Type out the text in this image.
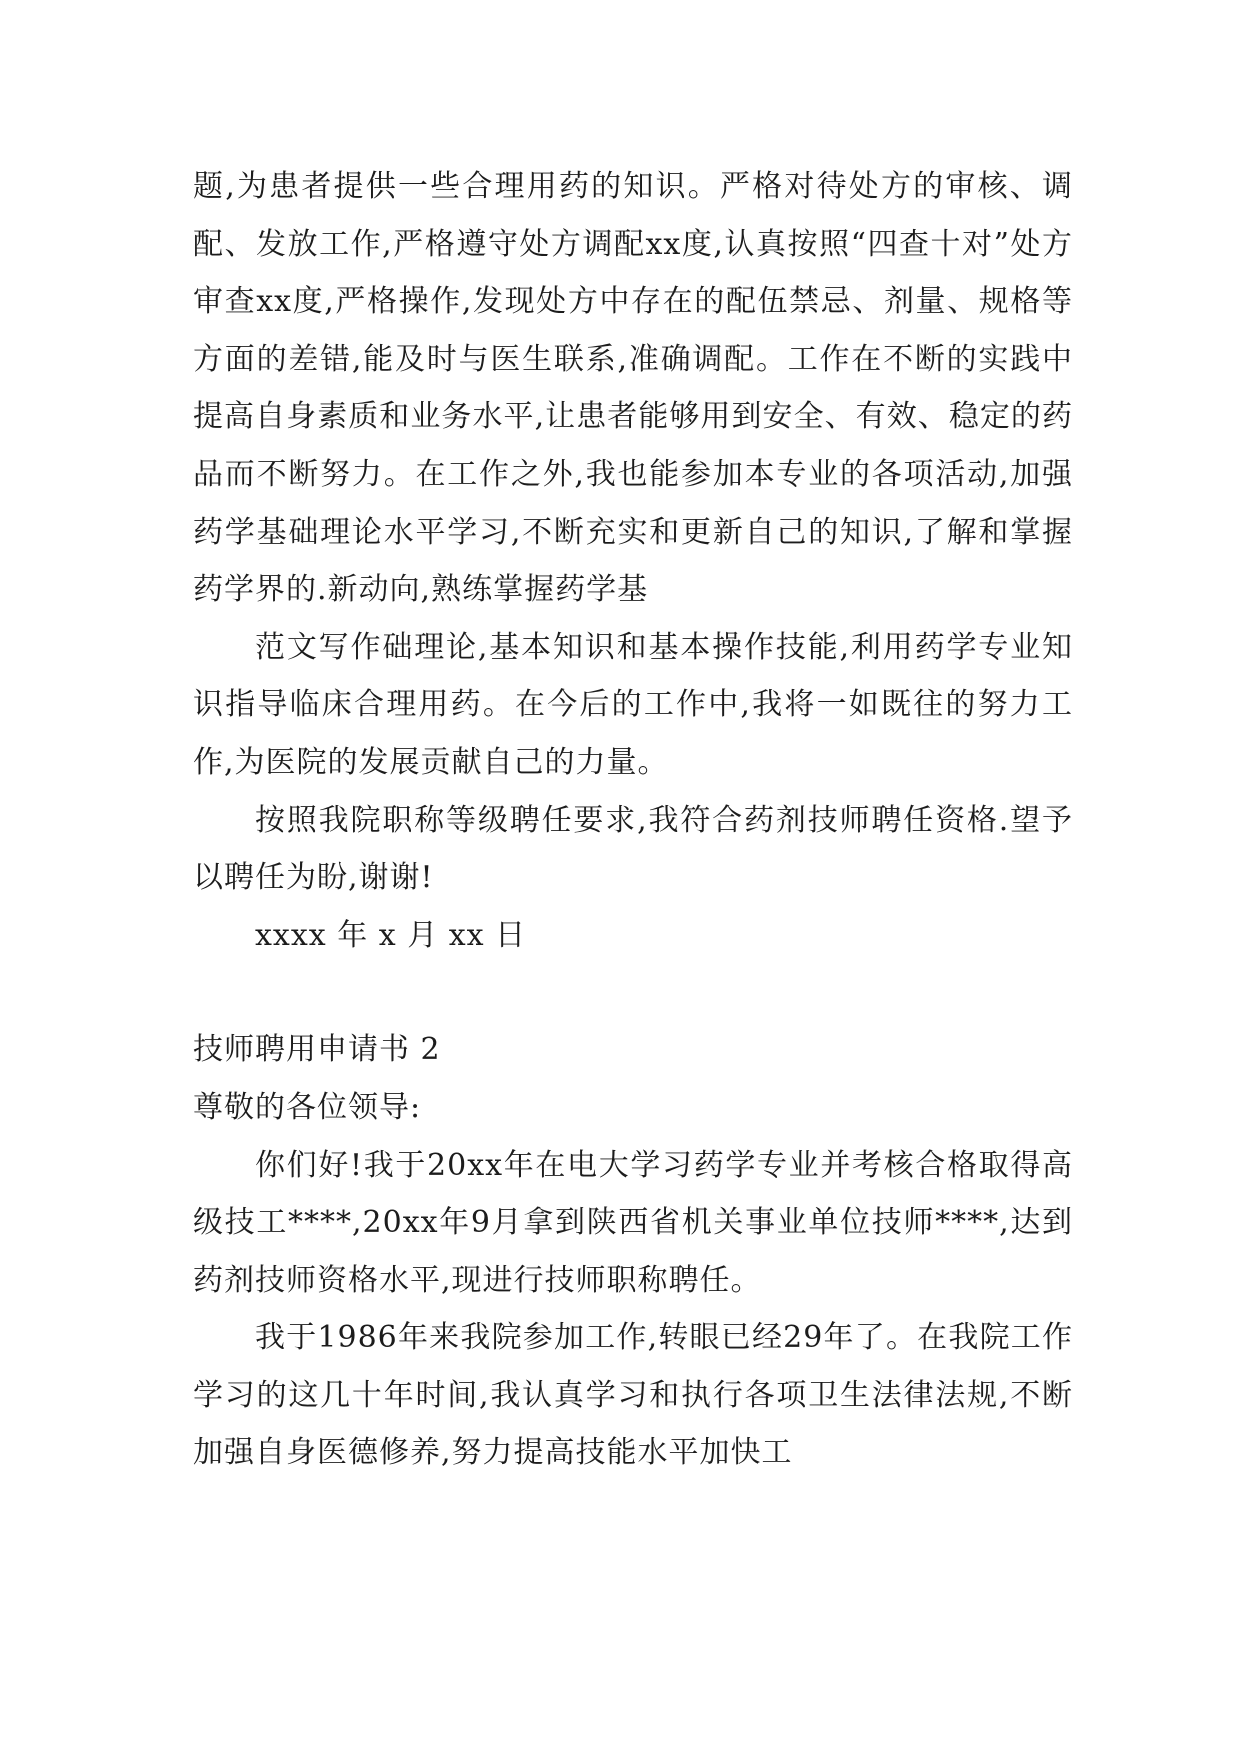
题,为患者提供一些合理用药的知识。严格对待处方的审核、调配、发放工作,严格遵守处方调配xx度,认真按照“四查十对”处方审查xx度,严格操作,发现处方中存在的配伍禁忌、剂量、规格等方面的差错,能及时与医生联系,准确调配。工作在不断的实践中提高自身素质和业务水平,让患者能够用到安全、有效、稳定的药品而不断努力。在工作之外,我也能参加本专业的各项活动,加强药学基础理论水平学习,不断充实和更新自己的知识,了解和掌握药学界的.新动向,熟练掌握药学基

范文写作础理论,基本知识和基本操作技能,利用药学专业知识指导临床合理用药。在今后的工作中,我将一如既往的努力工作,为医院的发展贡献自己的力量。

按照我院职称等级聘任要求,我符合药剂技师聘任资格.望予以聘任为盼,谢谢!

xxxx 年 x 月 xx 日

技师聘用申请书 2

尊敬的各位领导:

你们好!我于20xx年在电大学习药学专业并考核合格取得高级技工****,20xx年9月拿到陕西省机关事业单位技师****,达到药剂技师资格水平,现进行技师职称聘任。

我于1986年来我院参加工作,转眼已经29年了。在我院工作学习的这几十年时间,我认真学习和执行各项卫生法律法规,不断加强自身医德修养,努力提高技能水平加快工
